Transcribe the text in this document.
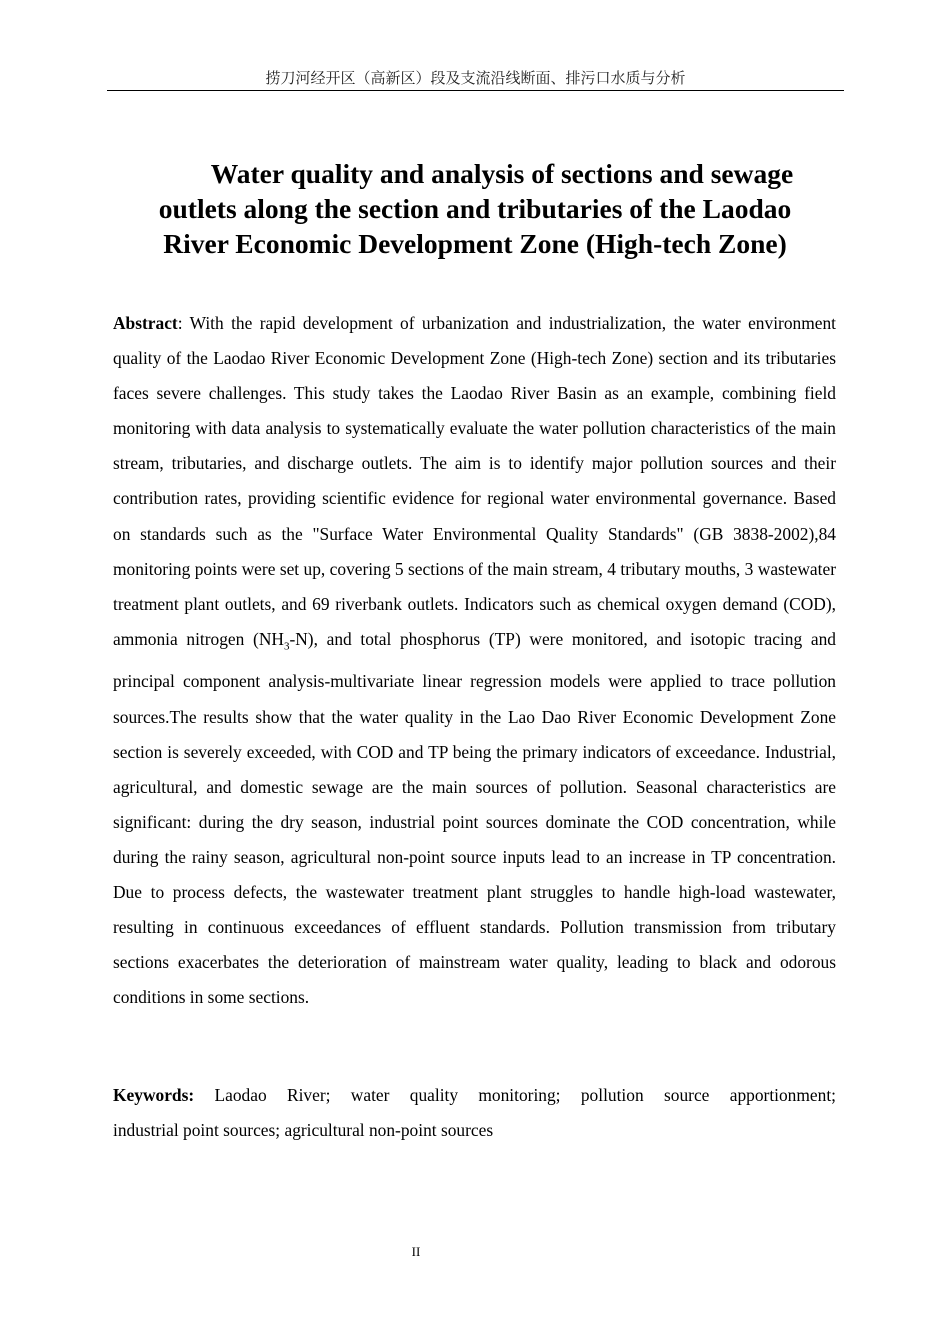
捞刀河经开区（高新区）段及支流沿线断面、排污口水质与分析
Water quality and analysis of sections and sewage
outlets along the section and tributaries of the Laodao
River Economic Development Zone (High-tech Zone)

Abstract: With the rapid development of urbanization and industrialization, the water environment quality of the Laodao River Economic Development Zone (High-tech Zone) section and its tributaries faces severe challenges. This study takes the Laodao River Basin as an example, combining field monitoring with data analysis to systematically evaluate the water pollution characteristics of the main stream, tributaries, and discharge outlets. The aim is to identify major pollution sources and their contribution rates, providing scientific evidence for regional water environmental governance. Based on standards such as the "Surface Water Environmental Quality Standards" (GB 3838-2002),84 monitoring points were set up, covering 5 sections of the main stream, 4 tributary mouths, 3 wastewater treatment plant outlets, and 69 riverbank outlets. Indicators such as chemical oxygen demand (COD), ammonia nitrogen $(NH_3-N)$, and total phosphorus (TP) were monitored, and isotopic tracing and principal component analysis-multivariate linear regression models were applied to trace pollution sources.The results show that the water quality in the Lao Dao River Economic Development Zone section is severely exceeded, with COD and TP being the primary indicators of exceedance. Industrial, agricultural, and domestic sewage are the main sources of pollution. Seasonal characteristics are significant: during the dry season, industrial point sources dominate the COD concentration, while during the rainy season, agricultural non-point source inputs lead to an increase in TP concentration. Due to process defects, the wastewater treatment plant struggles to handle high-load wastewater, resulting in continuous exceedances of effluent standards. Pollution transmission from tributary sections exacerbates the deterioration of mainstream water quality, leading to black and odorous conditions in some sections.

Keywords: Laodao River; water quality monitoring; pollution source apportionment;

industrial point sources; agricultural non-point sources

II
